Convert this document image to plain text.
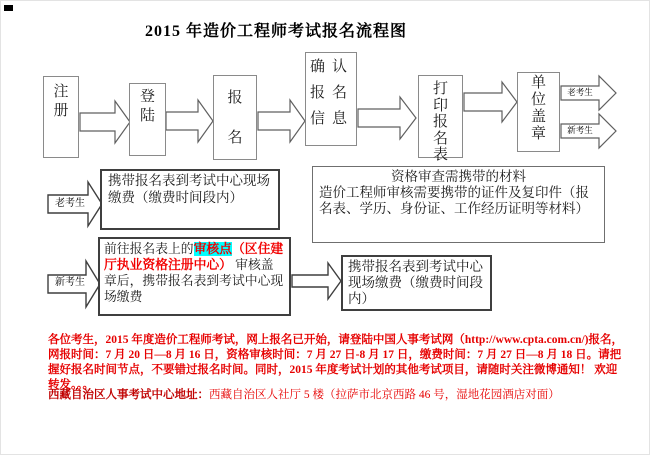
2015 年造价工程师考试报名流程图
注册
登陆
报名
确认报名信息
打印报名表
单位盖章
老考生
新考生
老考生
新考生
携带报名表到考试中心现场缴费（缴费时间段内）
资格审查需携带的材料
造价工程师审核需要携带的证件及复印件（报名表、学历、身份证、工作经历证明等材料）
前往报名表上的审核点（区住建厅执业资格注册中心） 审核盖章后，携带报名表到考试中心现场缴费
携带报名表到考试中心现场缴费（缴费时间段内）
各位考生，2015 年度造价工程师考试，网上报名已开始，请登陆中国人事考试网（http://www.cpta.com.cn/)报名，
网报时间：7 月 20 日—8 月 16 日，资格审核时间：7 月 27 日-8 月 17 日，缴费时间：7 月 27 日—8 月 18 日。请把
握好报名时间节点，不要错过报名时间。同时，2015 年度考试计划的其他考试项目，请随时关注微博通知！ 欢迎
转发。。。
西藏自治区人事考试中心地址：西藏自治区人社厅 5 楼（拉萨市北京西路 46 号，湿地花园酒店对面）
